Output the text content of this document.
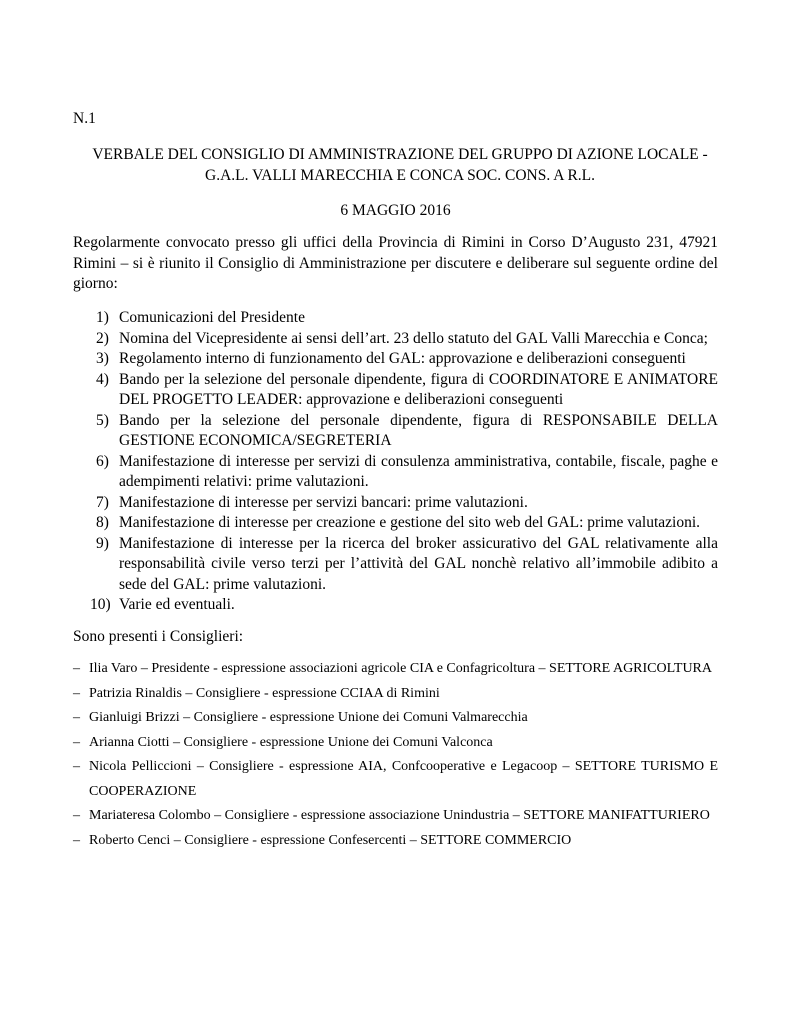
N.1
VERBALE DEL CONSIGLIO DI AMMINISTRAZIONE DEL GRUPPO DI AZIONE LOCALE -
G.A.L. VALLI MARECCHIA E CONCA SOC. CONS. A R.L.
6 MAGGIO 2016

Regolarmente convocato presso gli uffici della Provincia di Rimini in Corso D’Augusto 231, 47921 Rimini – si è riunito il Consiglio di Amministrazione per discutere e deliberare sul seguente ordine del giorno:

1) Comunicazioni del Presidente
2) Nomina del Vicepresidente ai sensi dell’art. 23 dello statuto del GAL Valli Marecchia e Conca;
3) Regolamento interno di funzionamento del GAL: approvazione e deliberazioni conseguenti
4) Bando per la selezione del personale dipendente, figura di COORDINATORE E ANIMATORE DEL PROGETTO LEADER: approvazione e deliberazioni conseguenti
5) Bando per la selezione del personale dipendente, figura di RESPONSABILE DELLA GESTIONE ECONOMICA/SEGRETERIA
6) Manifestazione di interesse per servizi di consulenza amministrativa, contabile, fiscale, paghe e adempimenti relativi: prime valutazioni.
7) Manifestazione di interesse per servizi bancari: prime valutazioni.
8) Manifestazione di interesse per creazione e gestione del sito web del GAL: prime valutazioni.
9) Manifestazione di interesse per la ricerca del broker assicurativo del GAL relativamente alla responsabilità civile verso terzi per l’attività del GAL nonchè relativo all’immobile adibito a sede del GAL: prime valutazioni.
10) Varie ed eventuali.

Sono presenti i Consiglieri:

– Ilia Varo – Presidente - espressione associazioni agricole CIA e Confagricoltura – SETTORE AGRICOLTURA
– Patrizia Rinaldis – Consigliere - espressione CCIAA di Rimini
– Gianluigi Brizzi – Consigliere - espressione Unione dei Comuni Valmarecchia
– Arianna Ciotti – Consigliere - espressione Unione dei Comuni Valconca
– Nicola Pelliccioni – Consigliere - espressione AIA, Confcooperative e Legacoop – SETTORE TURISMO E COOPERAZIONE
– Mariateresa Colombo – Consigliere - espressione associazione Unindustria – SETTORE MANIFATTURIERO
– Roberto Cenci – Consigliere - espressione Confesercenti – SETTORE COMMERCIO
